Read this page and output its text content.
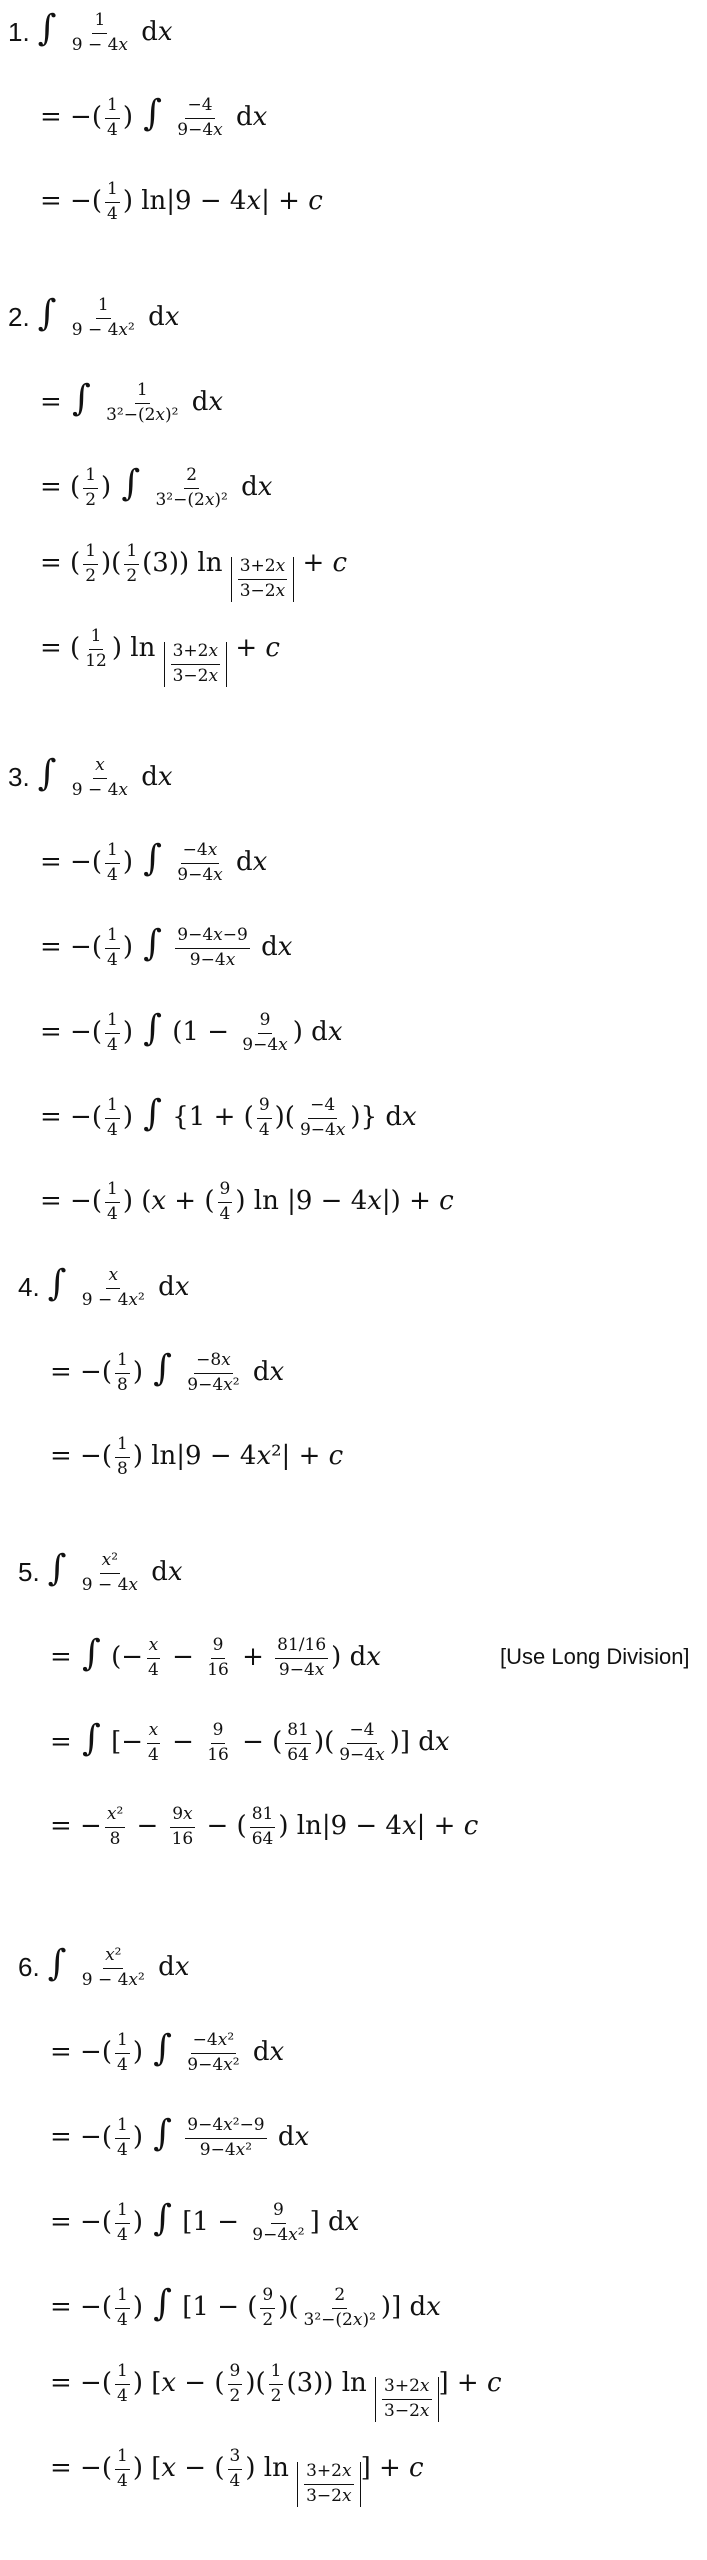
1. ∫ $\frac{1}{9 - 4x}$ dx
= −( $\frac{1}{4}$ ) ∫ $\frac{-4}{9-4x}$ dx
= −( $\frac{1}{4}$ ) ln|9 − 4x| + c
2. ∫ $\frac{1}{\text{9 − 4x²}}$ dx
= ∫ $\frac{1}{\text{3²−(2x)²}}$ dx
= ( $\frac{1}{2}$ ) ∫ $\frac{2}{\text{3²−(2x)²}}$ dx
= ( $\frac{1}{2}$ )( $\frac{1}{2} (3)$) $\ln \frac{3+2x}{3-2x} + c$
= ( $\frac{1}{12}$ ) $\ln \frac{3+2x}{3-2x} + c$
3. ∫ $\frac{x}{9 - 4x}$ dx
= −( $\frac{1}{4}$ ) ∫ $\frac{-4x}{9-4x}$ dx
= −( $\frac{1}{4}$ ) ∫ $\frac{9-4x-9}{9-4x}$ dx
= −( $\frac{1}{4}$ ) ∫ ($1 - \frac{9}{9-4x}$ ) dx
= −( $\frac{1}{4}$ ) ∫ {1 + ( $\frac{9}{4}$ )( $\frac{-4}{9-4x}$ )} dx
= −( $\frac{1}{4}$ ) (x + ( $\frac{9}{4}$ ) ln |9 − 4x|) + c
4. ∫ $\frac{x}{\text{9 − 4x²}}$ dx
= −( $\frac{1}{8}$ ) ∫ $\frac{-8x}{\text{9−4x²}}$ dx
= −( $\frac{1}{8}$ ) ln|9 − 4x²| + c
5. ∫ $\frac{\text{x²}}{9 - 4x}$ dx
= ∫ (− $\frac{x}{4} - \frac{9}{16} + \frac{81/16}{9-4x}$ ) dx
= ∫ [− $\frac{x}{4} - \frac{9}{16}$ − ( $\frac{81}{64}$ )( $\frac{-4}{9-4x}$ )] dx
= − $\frac{\text{x²}}{8} - \frac{9x}{16}$ − ( $\frac{81}{64}$ ) ln|9 − 4x| + c
[Use Long Division]
6. ∫ $\frac{\text{x²}}{\text{9 − 4x²}}$ dx
= −( $\frac{1}{4}$ ) ∫ $\frac{\text{−4x²}}{\text{9−4x²}}$ dx
= −( $\frac{1}{4}$ ) ∫ $\frac{\text{9−4x²−9}}{\text{9−4x²}}$ dx
= −( $\frac{1}{4}$ ) ∫ [$1 - \frac{9}{\text{9−4x²}}$ ] dx
= −( $\frac{1}{4}$ ) ∫ [1 − ( $\frac{9}{2}$ )( $\frac{2}{\text{3²−(2x)²}}$ )] dx
= −( $\frac{1}{4}$ ) [x − ( $\frac{9}{2}$ )( $\frac{1}{2} (3)$) $\ln \frac{3+2x}{3-2x}$ ] + c
= −( $\frac{1}{4}$ ) [x − ( $\frac{3}{4}$ ) $\ln \frac{3+2x}{3-2x}$ ] + c
